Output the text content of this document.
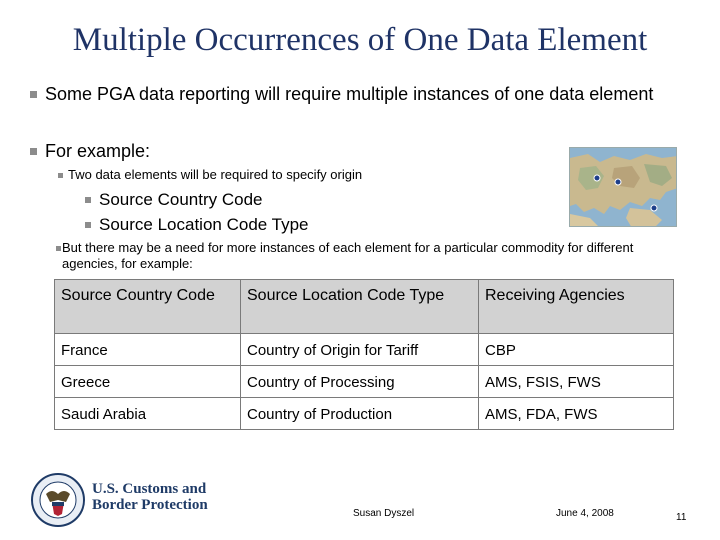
Multiple Occurrences of One Data Element
Some PGA data reporting will require multiple instances of one data element
For example:
Two data elements will be required to specify origin
Source Country Code
Source Location Code Type
But there may be a need for more instances of each element for a particular commodity for different agencies, for example:
Source Country Code	Source Location Code Type	Receiving Agencies
France	Country of Origin for Tariff	CBP
Greece	Country of Processing	AMS, FSIS, FWS
Saudi Arabia	Country of Production	AMS, FDA, FWS
U.S. Customs and
Border Protection
Susan Dyszel	June 4, 2008	11
